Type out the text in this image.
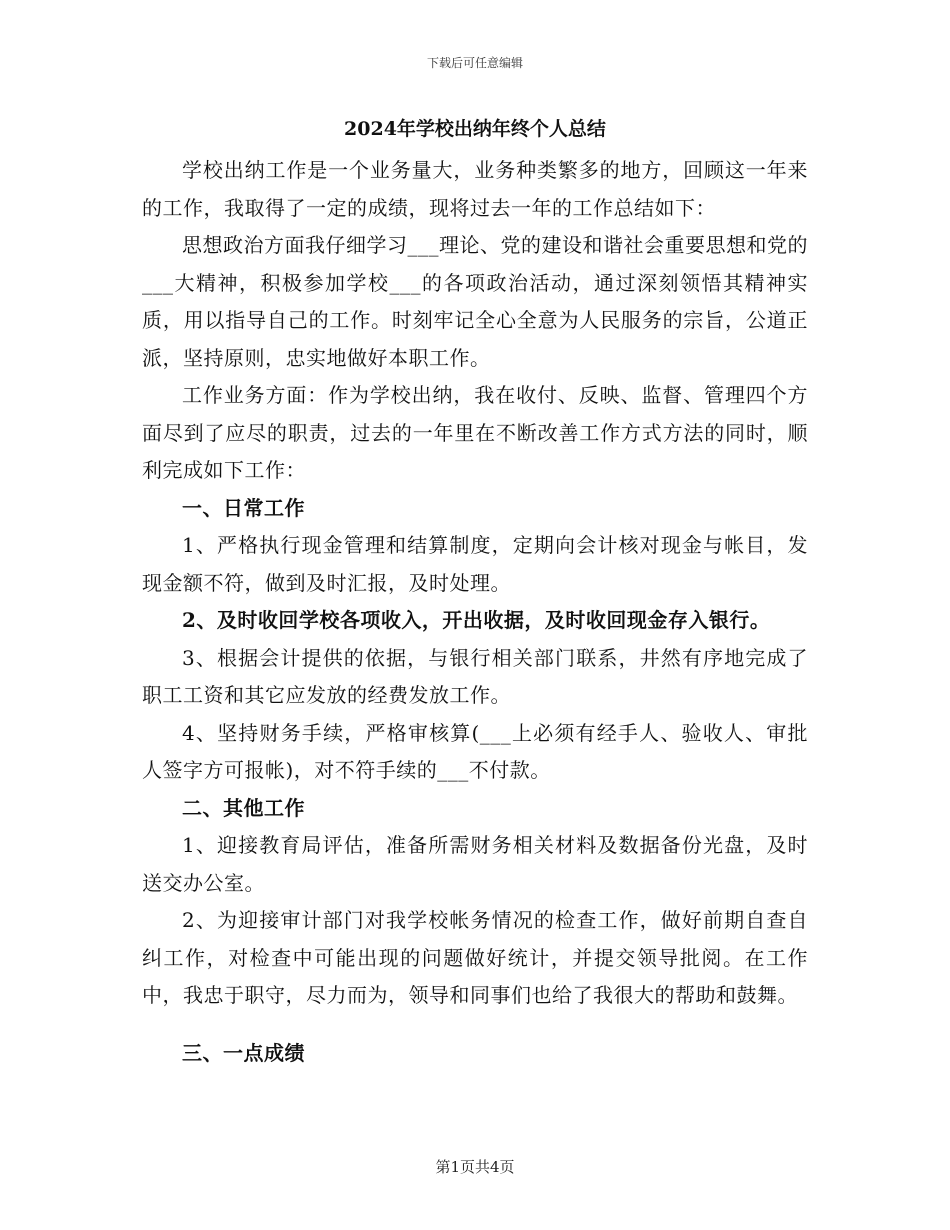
下载后可任意编辑
2024年学校出纳年终个人总结

学校出纳工作是一个业务量大，业务种类繁多的地方，回顾这一年来的工作，我取得了一定的成绩，现将过去一年的工作总结如下：

思想政治方面我仔细学习___理论、党的建设和谐社会重要思想和党的___大精神，积极参加学校___的各项政治活动，通过深刻领悟其精神实质，用以指导自己的工作。时刻牢记全心全意为人民服务的宗旨，公道正派，坚持原则，忠实地做好本职工作。

工作业务方面：作为学校出纳，我在收付、反映、监督、管理四个方面尽到了应尽的职责，过去的一年里在不断改善工作方式方法的同时，顺利完成如下工作：

一、日常工作

1、严格执行现金管理和结算制度，定期向会计核对现金与帐目，发现金额不符，做到及时汇报，及时处理。

2、及时收回学校各项收入，开出收据，及时收回现金存入银行。

3、根据会计提供的依据，与银行相关部门联系，井然有序地完成了职工工资和其它应发放的经费发放工作。

4、坚持财务手续，严格审核算(___上必须有经手人、验收人、审批人签字方可报帐)，对不符手续的___不付款。

二、其他工作

1、迎接教育局评估，准备所需财务相关材料及数据备份光盘，及时送交办公室。

2、为迎接审计部门对我学校帐务情况的检查工作，做好前期自查自纠工作，对检查中可能出现的问题做好统计，并提交领导批阅。在工作中，我忠于职守，尽力而为，领导和同事们也给了我很大的帮助和鼓舞。

三、一点成绩

第1页共4页
